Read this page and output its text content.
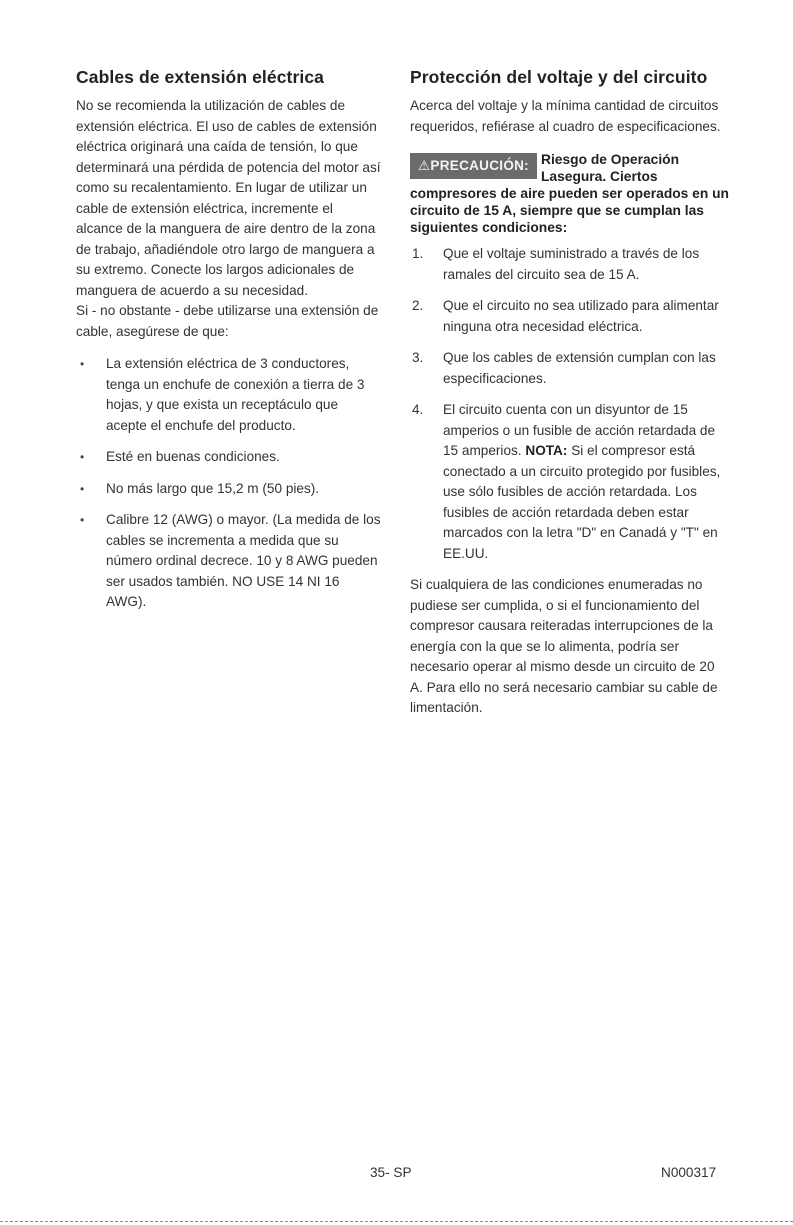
Cables de extensión eléctrica

No se recomienda la utilización de cables de extensión eléctrica. El uso de cables de extensión eléctrica originará una caída de tensión, lo que determinará una pérdida de potencia del motor así como su recalentamiento. En lugar de utilizar un cable de extensión eléctrica, incremente el alcance de la manguera de aire dentro de la zona de trabajo, añadiéndole otro largo de manguera a su extremo. Conecte los largos adicionales de manguera de acuerdo a su necesidad.

Si - no obstante - debe utilizarse una extensión de cable, asegúrese de que:

• La extensión eléctrica de 3 conductores, tenga un enchufe de conexión a tierra de 3 hojas, y que exista un receptáculo que acepte el enchufe del producto.
• Esté en buenas condiciones.
• No más largo que 15,2 m (50 pies).
• Calibre 12 (AWG) o mayor. (La medida de los cables se incrementa a medida que su número ordinal decrece. 10 y 8 AWG pueden ser usados también. NO USE 14 NI 16 AWG).
Protección del voltaje y del circuito

Acerca del voltaje y la mínima cantidad de circuitos requeridos, refiérase al cuadro de especificaciones.

⚠PRECAUCIÓN: Riesgo de Operación Lasegura. Ciertos
compresores de aire pueden ser operados en un circuito de 15 A, siempre que se cumplan las siguientes condiciones:
1. Que el voltaje suministrado a través de los ramales del circuito sea de 15 A.
2. Que el circuito no sea utilizado para alimentar ninguna otra necesidad eléctrica.
3. Que los cables de extensión cumplan con las especificaciones.
4. El circuito cuenta con un disyuntor de 15 amperios o un fusible de acción retardada de 15 amperios. NOTA: Si el compresor está conectado a un circuito protegido por fusibles, use sólo fusibles de acción retardada. Los fusibles de acción retardada deben estar marcados con la letra "D" en Canadá y "T" en EE.UU.

Si cualquiera de las condiciones enumeradas no pudiese ser cumplida, o si el funcionamiento del compresor causara reiteradas interrupciones de la energía con la que se lo alimenta, podría ser necesario operar al mismo desde un circuito de 20 A. Para ello no será necesario cambiar su cable de limentación.

35- SP	N000317
